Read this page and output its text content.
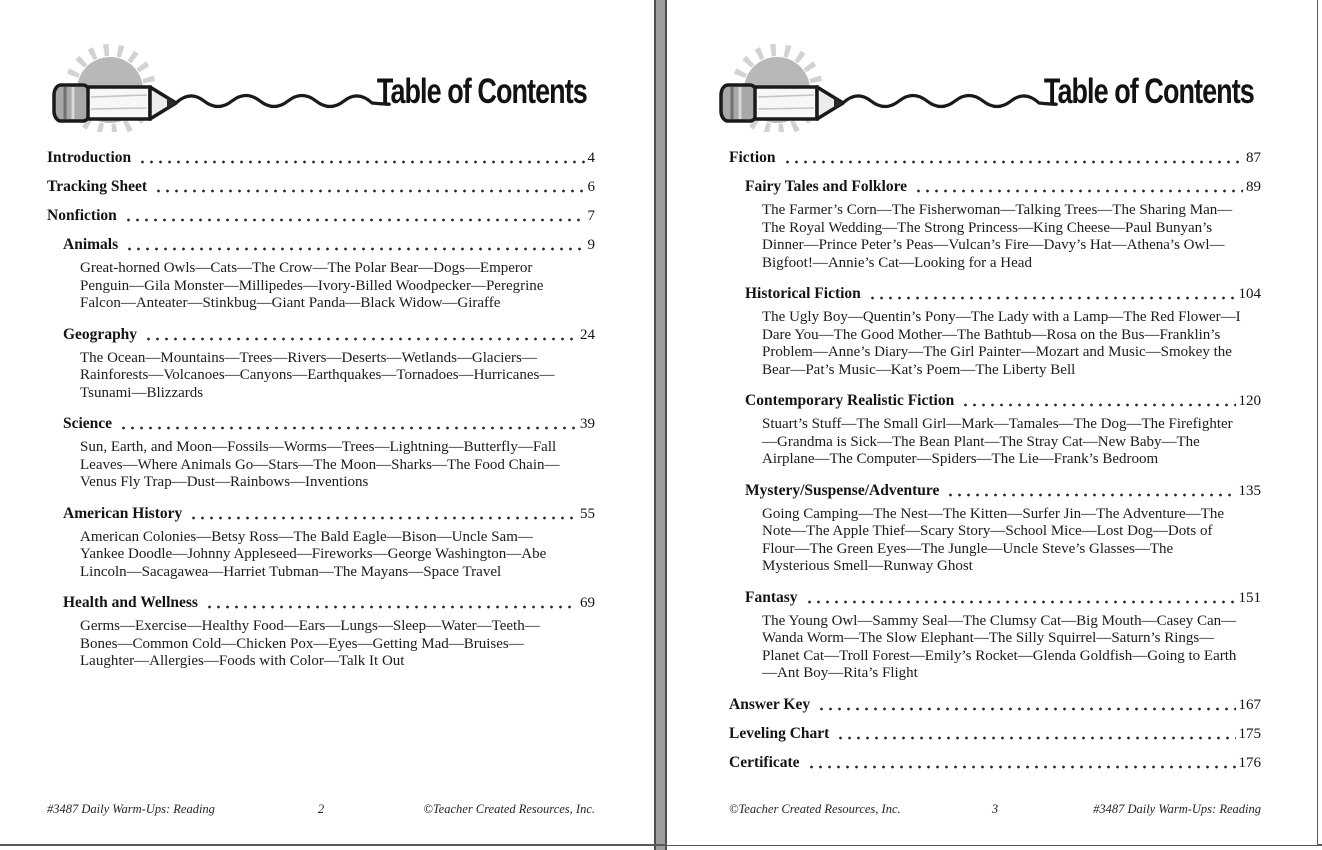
Table of Contents
Introduction	4
Tracking Sheet	6
Nonfiction	7
Animals	9

Great-horned Owls—Cats—The Crow—The Polar Bear—Dogs—Emperor Penguin—Gila Monster—Millipedes—Ivory-Billed Woodpecker—Peregrine Falcon—Anteater—Stinkbug—Giant Panda—Black Widow—Giraffe

Geography	24

The Ocean—Mountains—Trees—Rivers—Deserts—Wetlands—Glaciers—Rainforests—Volcanoes—Canyons—Earthquakes—Tornadoes—Hurricanes—Tsunami—Blizzards

Science	39

Sun, Earth, and Moon—Fossils—Worms—Trees—Lightning—Butterfly—Fall Leaves—Where Animals Go—Stars—The Moon—Sharks—The Food Chain—Venus Fly Trap—Dust—Rainbows—Inventions

American History	55

American Colonies—Betsy Ross—The Bald Eagle—Bison—Uncle Sam—Yankee Doodle—Johnny Appleseed—Fireworks—George Washington—Abe Lincoln—Sacagawea—Harriet Tubman—The Mayans—Space Travel

Health and Wellness	69

Germs—Exercise—Healthy Food—Ears—Lungs—Sleep—Water—Teeth—Bones—Common Cold—Chicken Pox—Eyes—Getting Mad—Bruises—Laughter—Allergies—Foods with Color—Talk It Out

#3487 Daily Warm-Ups: Reading	2	©Teacher Created Resources, Inc.
Table of Contents
Fiction	87
Fairy Tales and Folklore	89

The Farmer’s Corn—The Fisherwoman—Talking Trees—The Sharing Man—The Royal Wedding—The Strong Princess—King Cheese—Paul Bunyan’s Dinner—Prince Peter’s Peas—Vulcan’s Fire—Davy’s Hat—Athena’s Owl—Bigfoot!—Annie’s Cat—Looking for a Head

Historical Fiction	104

The Ugly Boy—Quentin’s Pony—The Lady with a Lamp—The Red Flower—I Dare You—The Good Mother—The Bathtub—Rosa on the Bus—Franklin’s Problem—Anne’s Diary—The Girl Painter—Mozart and Music—Smokey the Bear—Pat’s Music—Kat’s Poem—The Liberty Bell

Contemporary Realistic Fiction	120

Stuart’s Stuff—The Small Girl—Mark—Tamales—The Dog—The Firefighter—Grandma is Sick—The Bean Plant—The Stray Cat—New Baby—The Airplane—The Computer—Spiders—The Lie—Frank’s Bedroom

Mystery/Suspense/Adventure	135

Going Camping—The Nest—The Kitten—Surfer Jin—The Adventure—The Note—The Apple Thief—Scary Story—School Mice—Lost Dog—Dots of Flour—The Green Eyes—The Jungle—Uncle Steve’s Glasses—The Mysterious Smell—Runway Ghost

Fantasy	151

The Young Owl—Sammy Seal—The Clumsy Cat—Big Mouth—Casey Can—Wanda Worm—The Slow Elephant—The Silly Squirrel—Saturn’s Rings—Planet Cat—Troll Forest—Emily’s Rocket—Glenda Goldfish—Going to Earth—Ant Boy—Rita’s Flight

Answer Key	167
Leveling Chart	175
Certificate	176
©Teacher Created Resources, Inc.	3	#3487 Daily Warm-Ups: Reading
